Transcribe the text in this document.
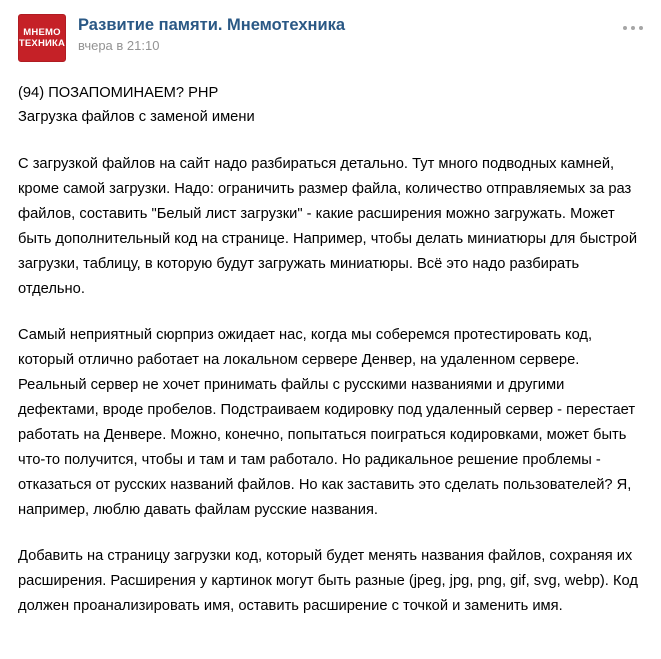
МНЕМО
ТЕХНИКА
Развитие памяти. Мнемотехника
вчера в 21:10

(94) ПОЗАПОМИНАЕМ? PHP

Загрузка файлов с заменой имени

С загрузкой файлов на сайт надо разбираться детально. Тут много подводных камней, кроме самой загрузки. Надо: ограничить размер файла, количество отправляемых за раз файлов, составить "Белый лист загрузки" - какие расширения можно загружать. Может быть дополнительный код на странице. Например, чтобы делать миниатюры для быстрой загрузки, таблицу, в которую будут загружать миниатюры. Всё это надо разбирать отдельно.

Самый неприятный сюрприз ожидает нас, когда мы соберемся протестировать код, который отлично работает на локальном сервере Денвер, на удаленном сервере. Реальный сервер не хочет принимать файлы с русскими названиями и другими дефектами, вроде пробелов. Подстраиваем кодировку под удаленный сервер - перестает работать на Денвере. Можно, конечно, попытаться поиграться кодировками, может быть что-то получится, чтобы и там и там работало. Но радикальное решение проблемы - отказаться от русских названий файлов. Но как заставить это сделать пользователей? Я, например, люблю давать файлам русские названия.

Добавить на страницу загрузки код, который будет менять названия файлов, сохраняя их расширения. Расширения у картинок могут быть разные (jpeg, jpg, png, gif, svg, webp). Код должен проанализировать имя, оставить расширение с точкой и заменить имя.
